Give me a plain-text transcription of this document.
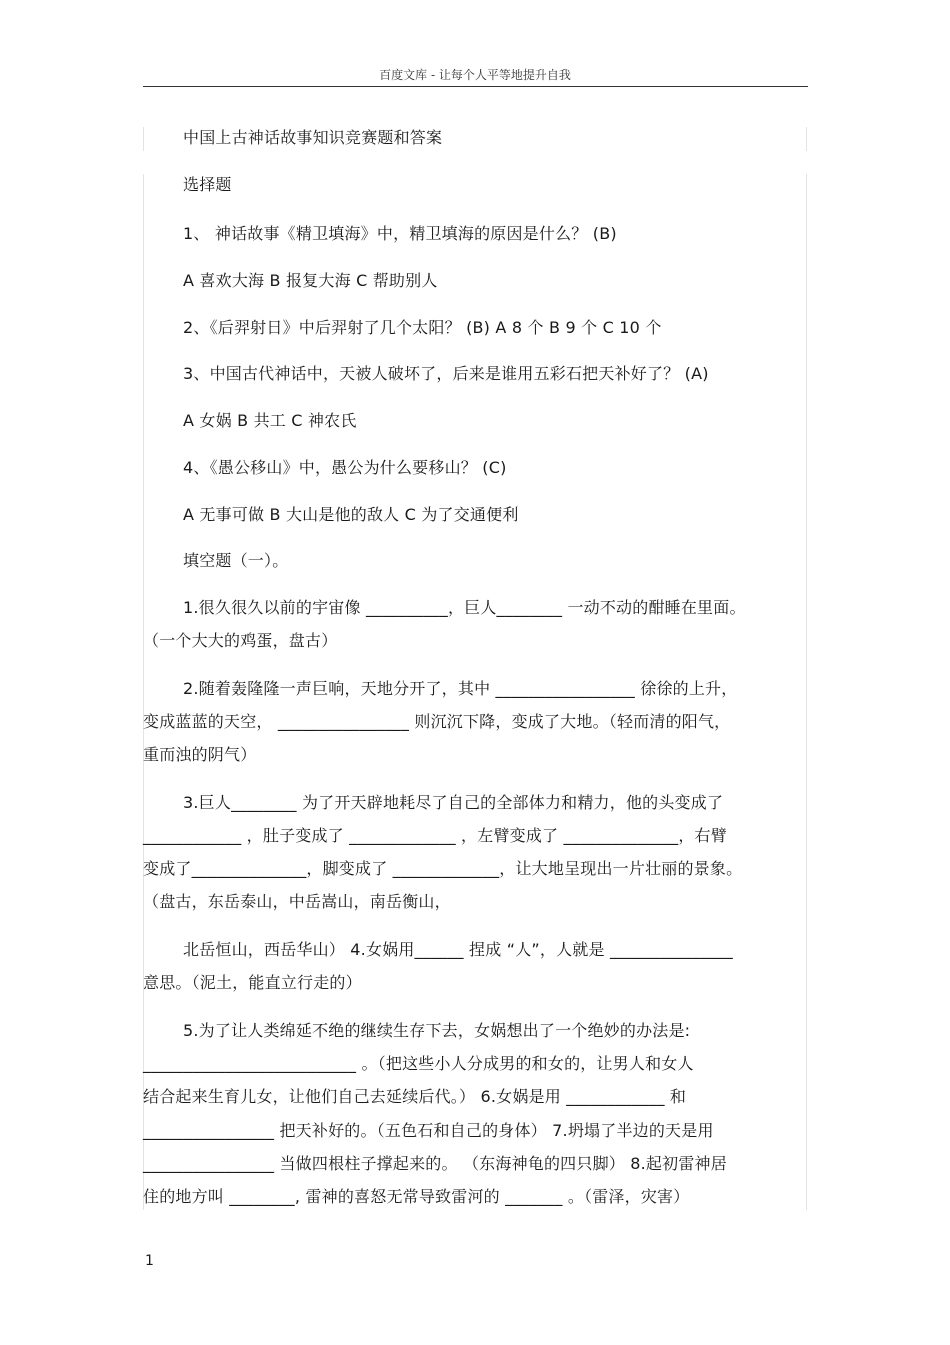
百度文库 - 让每个人平等地提升自我
中国上古神话故事知识竞赛题和答案
选择题
1、 神话故事《精卫填海》中，精卫填海的原因是什么？ (B)
A 喜欢大海 B 报复大海 C 帮助别人
2、《后羿射日》中后羿射了几个太阳？ (B) A 8 个 B 9 个 C 10 个
3、中国古代神话中，天被人破坏了，后来是谁用五彩石把天补好了？ (A)
A 女娲 B 共工 C 神农氏
4、《愚公移山》中，愚公为什么要移山？ (C)
A 无事可做 B 大山是他的敌人 C 为了交通便利
填空题（一）。
1.很久很久以前的宇宙像 __________，巨人________ 一动不动的酣睡在里面。
（一个大大的鸡蛋，盘古）
2.随着轰隆隆一声巨响，天地分开了，其中 _________________ 徐徐的上升，
变成蓝蓝的天空， ________________ 则沉沉下降，变成了大地。（轻而清的阳气，
重而浊的阴气）
3.巨人________ 为了开天辟地耗尽了自己的全部体力和精力，他的头变成了
____________ ，肚子变成了 _____________ ，左臂变成了 ______________，右臂
变成了______________，脚变成了 _____________，让大地呈现出一片壮丽的景象。
（盘古，东岳泰山，中岳嵩山，南岳衡山，
北岳恒山，西岳华山） 4.女娲用______ 捏成 “人”，人就是 _______________
意思。（泥土，能直立行走的）
5.为了让人类绵延不绝的继续生存下去，女娲想出了一个绝妙的办法是:
__________________________ 。（把这些小人分成男的和女的，让男人和女人
结合起来生育儿女，让他们自己去延续后代。） 6.女娲是用 ____________ 和
________________ 把天补好的。（五色石和自己的身体） 7.坍塌了半边的天是用
________________ 当做四根柱子撑起来的。 （东海神龟的四只脚） 8.起初雷神居
住的地方叫 ________, 雷神的喜怒无常导致雷河的 _______ 。（雷泽，灾害）
1
